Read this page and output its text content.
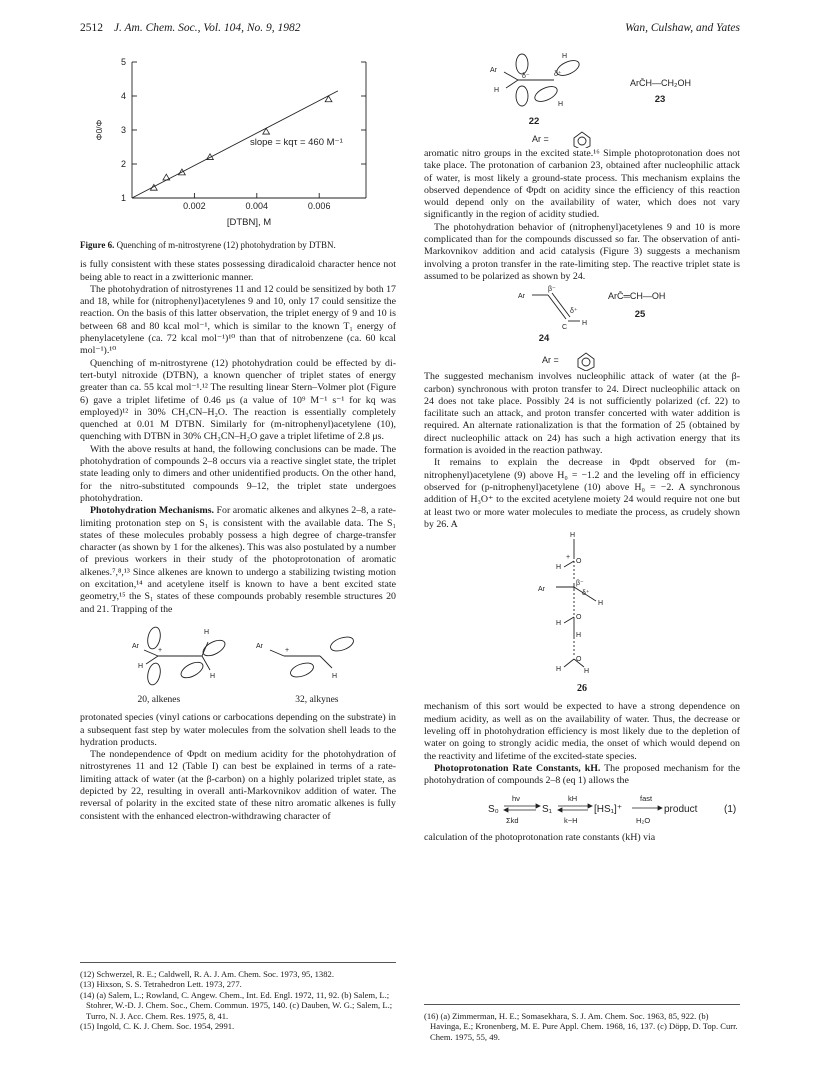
2512 J. Am. Chem. Soc., Vol. 104, No. 9, 1982	Wan, Culshaw, and Yates
1
2
3
4
5
0.002	0.004	0.006
slope = kqτ = 460 M⁻¹
[DTBN], M
Φ0/Φ
Figure 6. Quenching of m-nitrostyrene (12) photohydration by DTBN.

is fully consistent with these states possessing diradicaloid character hence not being able to react in a zwitterionic manner.

The photohydration of nitrostyrenes 11 and 12 could be sensitized by both 17 and 18, while for (nitrophenyl)acetylenes 9 and 10, only 17 could sensitize the reaction. On the basis of this latter observation, the triplet energy of 9 and 10 is between 68 and 80 kcal mol⁻¹, which is similar to the known T₁ energy of phenylacetylene (ca. 72 kcal mol⁻¹)¹⁰ than that of nitrobenzene (ca. 60 kcal mol⁻¹).¹⁰

Quenching of m-nitrostyrene (12) photohydration could be effected by di-tert-butyl nitroxide (DTBN), a known quencher of triplet states of energy greater than ca. 55 kcal mol⁻¹.¹² The resulting linear Stern–Volmer plot (Figure 6) gave a triplet lifetime of 0.46 μs (a value of 10⁹ M⁻¹ s⁻¹ for kq was employed)¹² in 30% CH₃CN–H₂O. The reaction is essentially completely quenched at 0.01 M DTBN. Similarly for (m-nitrophenyl)acetylene (10), quenching with DTBN in 30% CH₃CN–H₂O gave a triplet lifetime of 2.8 μs.

With the above results at hand, the following conclusions can be made. The photohydration of compounds 2–8 occurs via a reactive singlet state, the triplet state leading only to dimers and other unidentified products. On the other hand, for the nitro-substituted compounds 9–12, the triplet state undergoes photohydration.

Photohydration Mechanisms. For aromatic alkenes and alkynes 2–8, a rate-limiting protonation step on S₁ is consistent with the available data. The S₁ states of these molecules probably possess a high degree of charge-transfer character (as shown by 1 for the alkenes). This was also postulated by a number of previous workers in their study of the photoprotonation of aromatic alkenes.⁷,⁸,¹³ Since alkenes are known to undergo a stabilizing twisting motion on excitation,¹⁴ and acetylene itself is known to have a bent excited state geometry,¹⁵ the S₁ states of these compounds probably resemble structures 20 and 21. Trapping of the

Ar
H
+
H
H
Ar
+
H
20, alkenes	32, alkynes

protonated species (vinyl cations or carbocations depending on the substrate) in a subsequent fast step by water molecules from the solvation shell leads to the hydration products.

The nondependence of Φpdt on medium acidity for the photohydration of nitrostyrenes 11 and 12 (Table I) can best be explained in terms of a rate-limiting attack of water (at the β-carbon) on a highly polarized triplet state, as depicted by 22, resulting in overall anti-Markovnikov addition of water. The reversal of polarity in the excited state of these nitro aromatic alkenes is fully consistent with the enhanced electron-withdrawing character of

Ar
H
H
H
δ⁻	δ⁺
22
ArC̄H—CH₂OH
23
Ar =

aromatic nitro groups in the excited state.¹⁶ Simple photoprotonation does not take place. The protonation of carbanion 23, obtained after nucleophilic attack of water, is most likely a ground-state process. This mechanism explains the observed dependence of Φpdt on acidity since the efficiency of this reaction would depend only on the availability of water, which does not vary significantly in the region of acidity studied.

The photohydration behavior of (nitrophenyl)acetylenes 9 and 10 is more complicated than for the compounds discussed so far. The observation of anti-Markovnikov addition and acid catalysis (Figure 3) suggests a mechanism involving a proton transfer in the rate-limiting step. The reactive triplet state is assumed to be polarized as shown by 24.

Ar
β⁻
δ⁺
H
C
24
ArC̄═CH—OH
25
Ar =

The suggested mechanism involves nucleophilic attack of water (at the β-carbon) synchronous with proton transfer to 24. Direct nucleophilic attack on 24 does not take place. Possibly 24 is not sufficiently polarized (cf. 22) to facilitate such an attack, and proton transfer concerted with water addition is required. An alternate rationalization is that the formation of 25 (obtained by direct nucleophilic attack on 24) has such a high activation energy that its formation is avoided in the reaction pathway.

It remains to explain the decrease in Φpdt observed for (m-nitrophenyl)acetylene (9) above H₀ = −1.2 and the leveling off in efficiency observed for (p-nitrophenyl)acetylene (10) above H₀ = −2. A synchronous addition of H₃O⁺ to the excited acetylene moiety 24 would require not one but at least two or more water molecules to mediate the process, as crudely shown by 26. A

H
+
O
H
Ar
β⁻
δ⁺
H
O
H
H
O
H	H
26

mechanism of this sort would be expected to have a strong dependence on medium acidity, as well as on the availability of water. Thus, the decrease or leveling off in photohydration efficiency is most likely due to the depletion of water on going to strongly acidic media, the onset of which would depend on the reactivity and lifetime of the excited-state species.

Photoprotonation Rate Constants, kH. The proposed mechanism for the photohydration of compounds 2–8 (eq 1) allows the

S₀
hν
Σkd
S₁
kH
k−H
[HS₁]⁺
fast
H₂O
product	(1)

calculation of the photoprotonation rate constants (kH) via

(12) Schwerzel, R. E.; Caldwell, R. A. J. Am. Chem. Soc. 1973, 95, 1382.

(13) Hixson, S. S. Tetrahedron Lett. 1973, 277.

(14) (a) Salem, L.; Rowland, C. Angew. Chem., Int. Ed. Engl. 1972, 11, 92. (b) Salem, L.; Stohrer, W.-D. J. Chem. Soc., Chem. Commun. 1975, 140. (c) Dauben, W. G.; Salem, L.; Turro, N. J. Acc. Chem. Res. 1975, 8, 41.

(15) Ingold, C. K. J. Chem. Soc. 1954, 2991.

(16) (a) Zimmerman, H. E.; Somasekhara, S. J. Am. Chem. Soc. 1963, 85, 922. (b) Havinga, E.; Kronenberg, M. E. Pure Appl. Chem. 1968, 16, 137. (c) Döpp, D. Top. Curr. Chem. 1975, 55, 49.
